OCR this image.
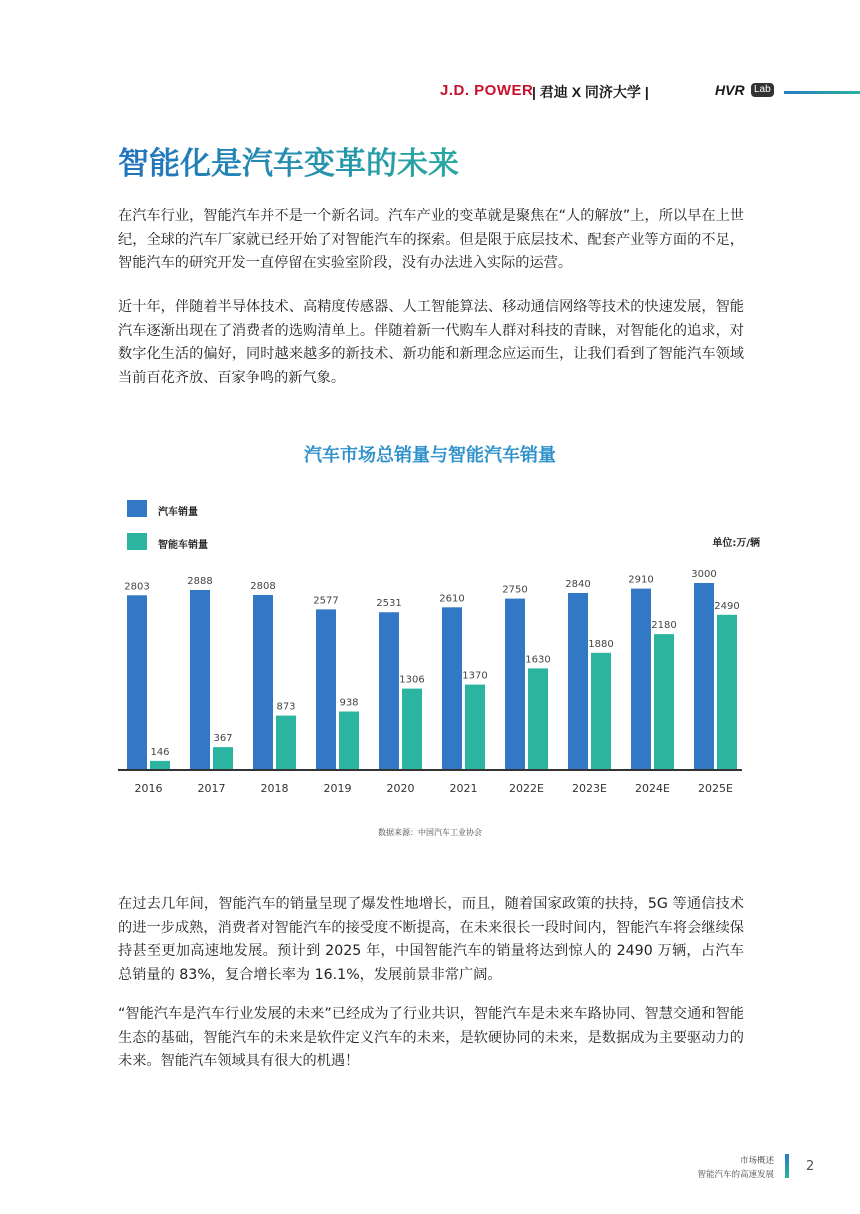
J.D. POWER
| 君迪 X 同济大学 |	HVR Lab
智能化是汽车变革的未来
在汽车行业，智能汽车并不是一个新名词。汽车产业的变革就是聚焦在“人的解放”上，所以早在上世纪，全球的汽车厂家就已经开始了对智能汽车的探索。但是限于底层技术、配套产业等方面的不足，智能汽车的研究开发一直停留在实验室阶段，没有办法进入实际的运营。
近十年，伴随着半导体技术、高精度传感器、人工智能算法、移动通信网络等技术的快速发展，智能汽车逐渐出现在了消费者的选购清单上。伴随着新一代购车人群对科技的青睐，对智能化的追求，对数字化生活的偏好，同时越来越多的新技术、新功能和新理念应运而生，让我们看到了智能汽车领域当前百花齐放、百家争鸣的新气象。
汽车市场总销量与智能汽车销量
汽车销量
智能车销量	单位:万/辆
2803
146
2016
2888
367
2017
2808
873
2018
2577
938
2019
2531
1306
2020
2610
1370
2021
2750
1630
2022E
2840
1880
2023E
2910
2180
2024E
3000
2490
2025E
数据来源：中国汽车工业协会
在过去几年间，智能汽车的销量呈现了爆发性地增长，而且，随着国家政策的扶持，5G 等通信技术的进一步成熟，消费者对智能汽车的接受度不断提高，在未来很长一段时间内，智能汽车将会继续保持甚至更加高速地发展。预计到 2025 年，中国智能汽车的销量将达到惊人的 2490 万辆，占汽车总销量的 83%，复合增长率为 16.1%，发展前景非常广阔。
“智能汽车是汽车行业发展的未来”已经成为了行业共识，智能汽车是未来车路协同、智慧交通和智能生态的基础，智能汽车的未来是软件定义汽车的未来，是软硬协同的未来，是数据成为主要驱动力的未来。智能汽车领域具有很大的机遇！
市场概述
智能汽车的高速发展
2
